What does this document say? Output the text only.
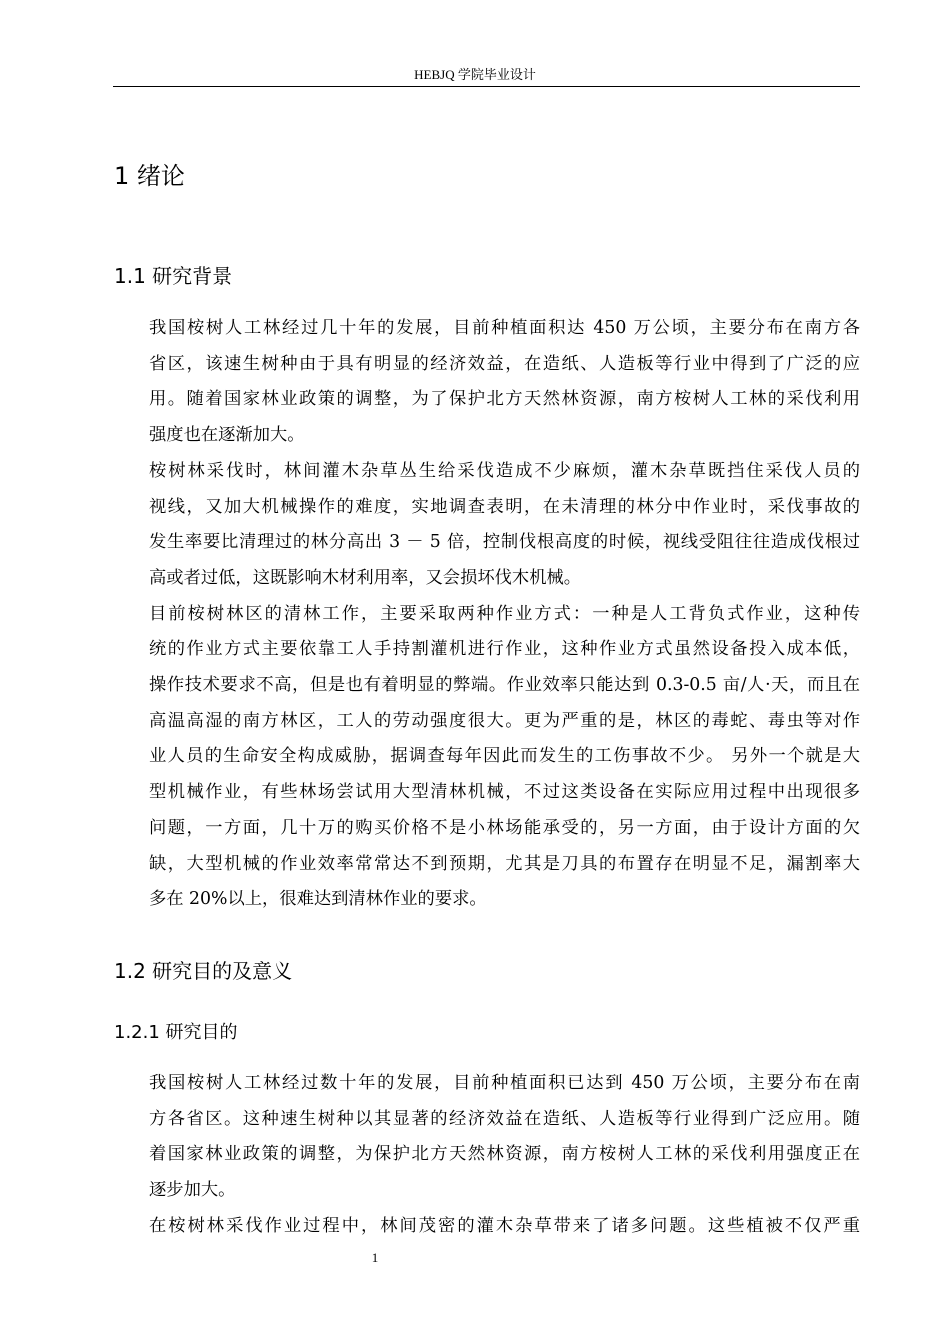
HEBJQ 学院毕业设计
1 绪论
1.1 研究背景

我国桉树人工林经过几十年的发展，目前种植面积达 450 万公顷，主要分布在南方各
省区，该速生树种由于具有明显的经济效益，在造纸、人造板等行业中得到了广泛的应
用。随着国家林业政策的调整，为了保护北方天然林资源，南方桉树人工林的采伐利用
强度也在逐渐加大。

桉树林采伐时，林间灌木杂草丛生给采伐造成不少麻烦，灌木杂草既挡住采伐人员的
视线，又加大机械操作的难度，实地调查表明，在未清理的林分中作业时，采伐事故的
发生率要比清理过的林分高出 3 － 5 倍，控制伐根高度的时候，视线受阻往往造成伐根过
高或者过低，这既影响木材利用率，又会损坏伐木机械。

目前桉树林区的清林工作，主要采取两种作业方式：一种是人工背负式作业，这种传
统的作业方式主要依靠工人手持割灌机进行作业，这种作业方式虽然设备投入成本低，
操作技术要求不高，但是也有着明显的弊端。作业效率只能达到 0.3-0.5 亩/人·天，而且在
高温高湿的南方林区，工人的劳动强度很大。更为严重的是，林区的毒蛇、毒虫等对作
业人员的生命安全构成威胁，据调查每年因此而发生的工伤事故不少。 另外一个就是大
型机械作业，有些林场尝试用大型清林机械，不过这类设备在实际应用过程中出现很多
问题，一方面，几十万的购买价格不是小林场能承受的，另一方面，由于设计方面的欠
缺，大型机械的作业效率常常达不到预期，尤其是刀具的布置存在明显不足，漏割率大
多在 20%以上，很难达到清林作业的要求。

1.2 研究目的及意义
1.2.1 研究目的

我国桉树人工林经过数十年的发展，目前种植面积已达到 450 万公顷，主要分布在南
方各省区。这种速生树种以其显著的经济效益在造纸、人造板等行业得到广泛应用。随
着国家林业政策的调整，为保护北方天然林资源，南方桉树人工林的采伐利用强度正在
逐步加大。

在桉树林采伐作业过程中，林间茂密的灌木杂草带来了诸多问题。这些植被不仅严重

1
